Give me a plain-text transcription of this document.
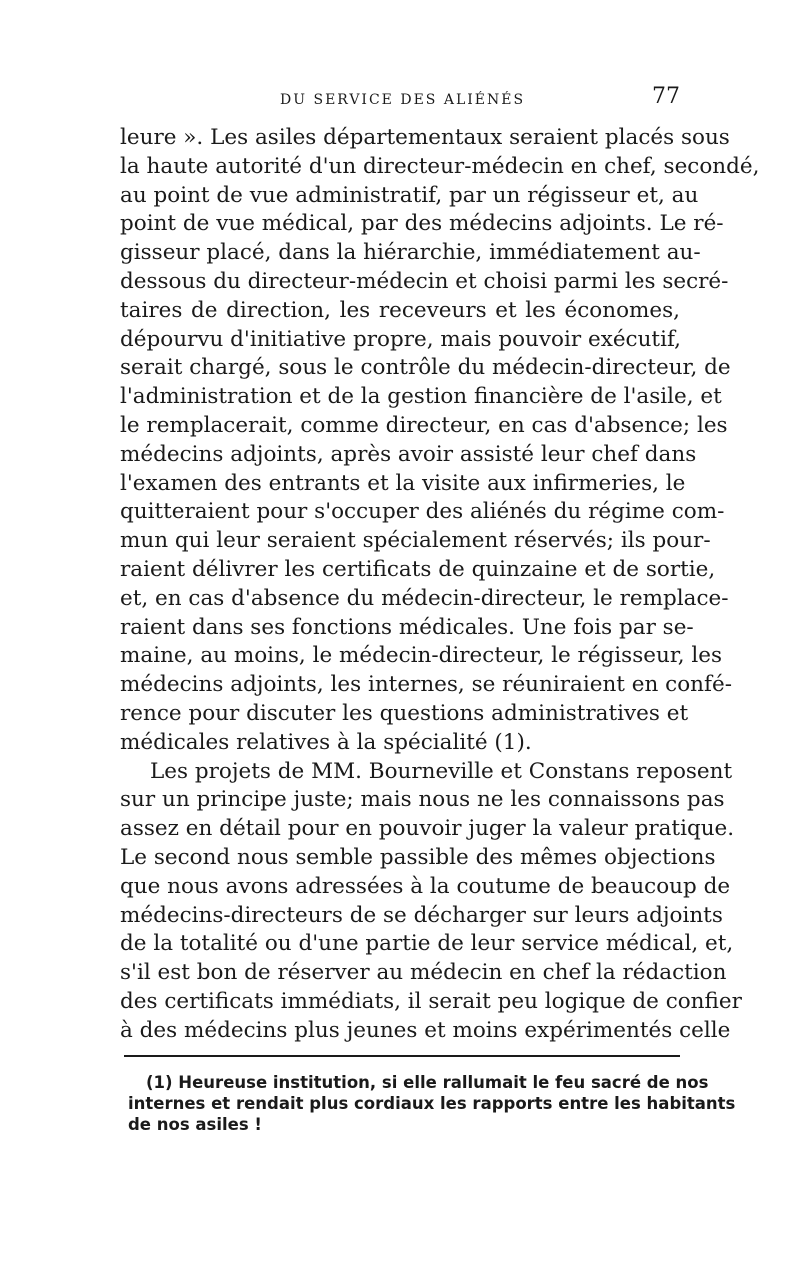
DU SERVICE DES ALIÉNÉS	77
leure ». Les asiles départementaux seraient placés sous
la haute autorité d'un directeur-médecin en chef, secondé,
au point de vue administratif, par un régisseur et, au
point de vue médical, par des médecins adjoints. Le ré-
gisseur placé, dans la hiérarchie, immédiatement au-
dessous du directeur-médecin et choisi parmi les secré-
taires de direction, les receveurs et les économes,
dépourvu d'initiative propre, mais pouvoir exécutif,
serait chargé, sous le contrôle du médecin-directeur, de
l'administration et de la gestion financière de l'asile, et
le remplacerait, comme directeur, en cas d'absence; les
médecins adjoints, après avoir assisté leur chef dans
l'examen des entrants et la visite aux infirmeries, le
quitteraient pour s'occuper des aliénés du régime com-
mun qui leur seraient spécialement réservés; ils pour-
raient délivrer les certificats de quinzaine et de sortie,
et, en cas d'absence du médecin-directeur, le remplace-
raient dans ses fonctions médicales. Une fois par se-
maine, au moins, le médecin-directeur, le régisseur, les
médecins adjoints, les internes, se réuniraient en confé-
rence pour discuter les questions administratives et
médicales relatives à la spécialité (1).
Les projets de MM. Bourneville et Constans reposent
sur un principe juste; mais nous ne les connaissons pas
assez en détail pour en pouvoir juger la valeur pratique.
Le second nous semble passible des mêmes objections
que nous avons adressées à la coutume de beaucoup de
médecins-directeurs de se décharger sur leurs adjoints
de la totalité ou d'une partie de leur service médical, et,
s'il est bon de réserver au médecin en chef la rédaction
des certificats immédiats, il serait peu logique de confier
à des médecins plus jeunes et moins expérimentés celle
(1) Heureuse institution, si elle rallumait le feu sacré de nos
internes et rendait plus cordiaux les rapports entre les habitants
de nos asiles !
